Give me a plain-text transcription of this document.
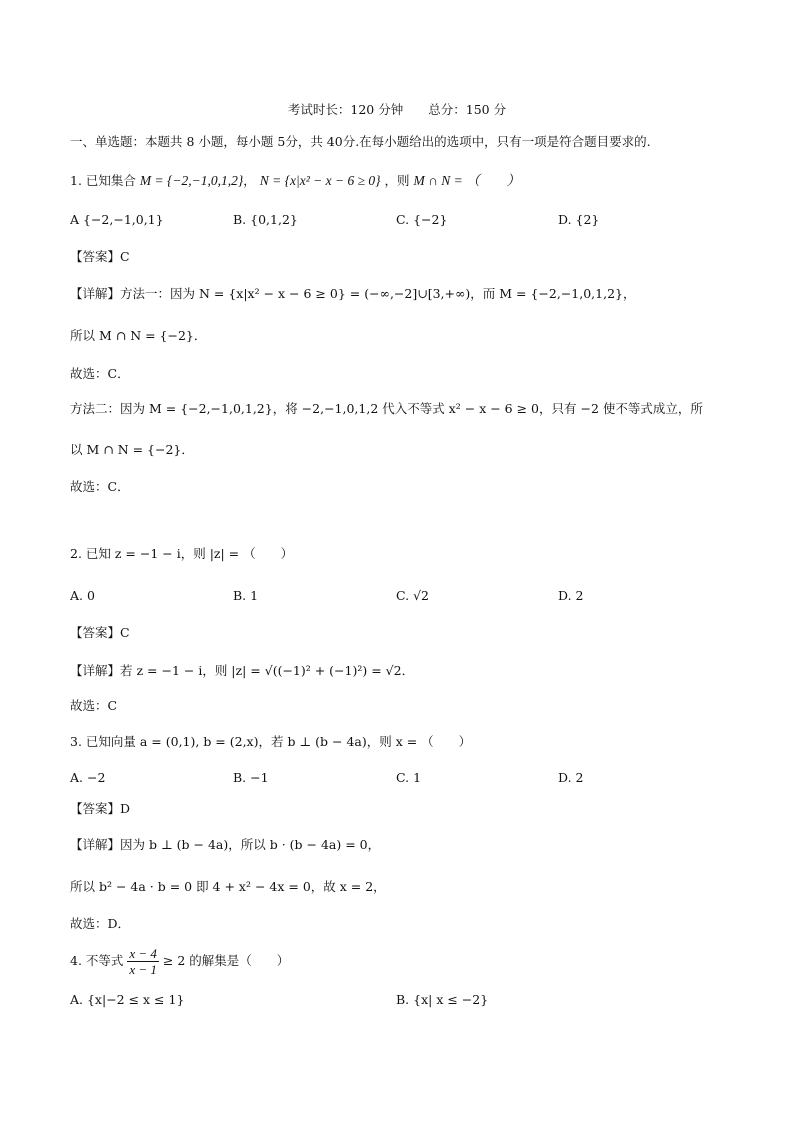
考试时长：120 分钟　　总分：150 分
一、单选题：本题共 8 小题，每小题 5分，共 40分.在每小题给出的选项中，只有一项是符合题目要求的.
1. 已知集合 M = {−2,−1,0,1,2}， N = {x|x² − x − 6 ≥ 0} ，则 M ∩ N = （　　）
A {−2,−1,0,1}	B. {0,1,2}	C. {−2}	D. {2}
【答案】C
【详解】方法一：因为 N = {x|x² − x − 6 ≥ 0} = (−∞,−2]∪[3,+∞)，而 M = {−2,−1,0,1,2}，
所以 M ∩ N = {−2}．
故选：C．
方法二：因为 M = {−2,−1,0,1,2}，将 −2,−1,0,1,2 代入不等式 x² − x − 6 ≥ 0，只有 −2 使不等式成立，所
以 M ∩ N = {−2}．
故选：C．
2. 已知 z = −1 − i，则 |z| = （　　）
A. 0	B. 1	C. √2	D. 2
【答案】C
【详解】若 z = −1 − i，则 |z| = √((−1)² + (−1)²) = √2．
故选：C
3. 已知向量 a = (0,1), b = (2,x)，若 b ⊥ (b − 4a)，则 x = （　　）
A. −2	B. −1	C. 1	D. 2
【答案】D
【详解】因为 b ⊥ (b − 4a)，所以 b · (b − 4a) = 0，
所以 b² − 4a · b = 0 即 4 + x² − 4x = 0，故 x = 2，
故选：D．
4. 不等式 $\frac{x - 4}{x - 1} \ge 2$ 的解集是（　　）
A. {x|−2 ≤ x ≤ 1}	B. {x| x ≤ −2}
